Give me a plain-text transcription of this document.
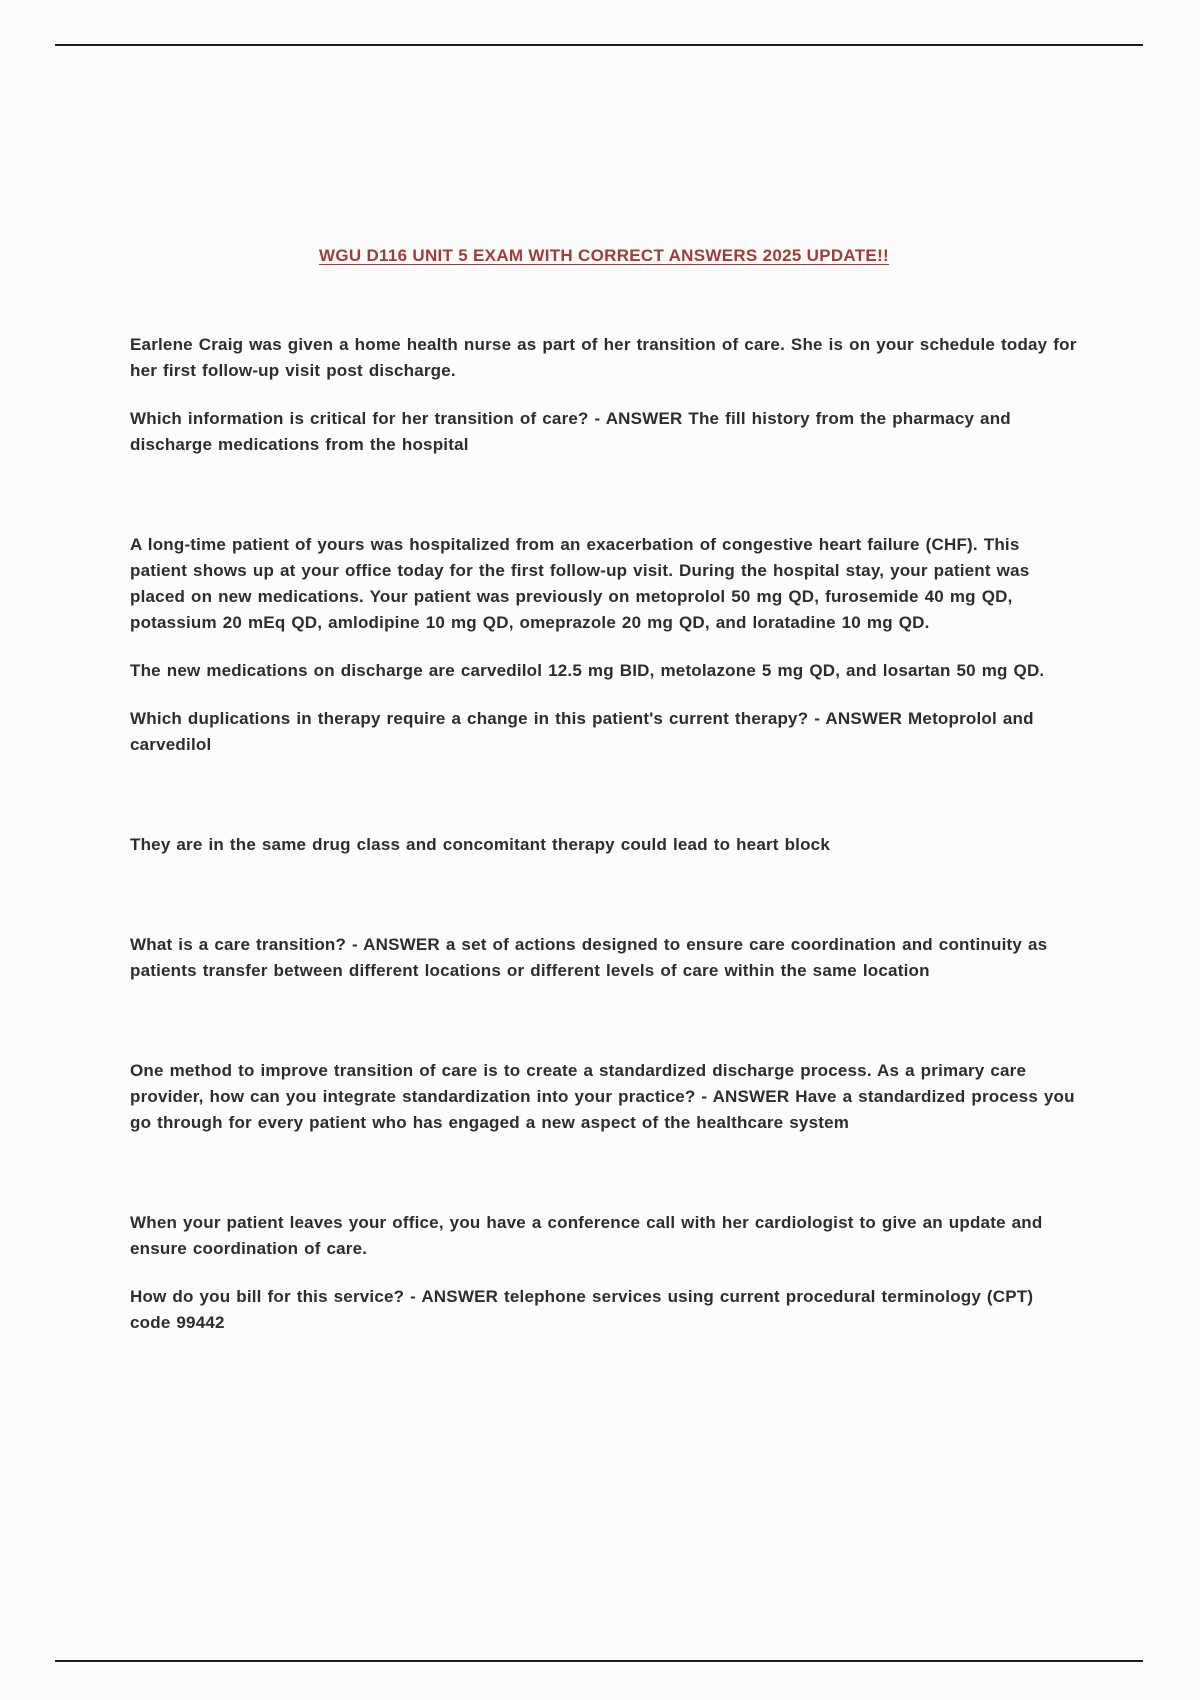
WGU D116 UNIT 5 EXAM WITH CORRECT ANSWERS 2025 UPDATE!!

Earlene Craig was given a home health nurse as part of her transition of care. She is on your schedule today for her first follow-up visit post discharge.

Which information is critical for her transition of care? - ANSWER The fill history from the pharmacy and discharge medications from the hospital

A long-time patient of yours was hospitalized from an exacerbation of congestive heart failure (CHF). This patient shows up at your office today for the first follow-up visit. During the hospital stay, your patient was placed on new medications. Your patient was previously on metoprolol 50 mg QD, furosemide 40 mg QD, potassium 20 mEq QD, amlodipine 10 mg QD, omeprazole 20 mg QD, and loratadine 10 mg QD.

The new medications on discharge are carvedilol 12.5 mg BID, metolazone 5 mg QD, and losartan 50 mg QD.

Which duplications in therapy require a change in this patient's current therapy? - ANSWER Metoprolol and carvedilol

They are in the same drug class and concomitant therapy could lead to heart block

What is a care transition? - ANSWER a set of actions designed to ensure care coordination and continuity as patients transfer between different locations or different levels of care within the same location

One method to improve transition of care is to create a standardized discharge process. As a primary care provider, how can you integrate standardization into your practice? - ANSWER Have a standardized process you go through for every patient who has engaged a new aspect of the healthcare system

When your patient leaves your office, you have a conference call with her cardiologist to give an update and ensure coordination of care.

How do you bill for this service? - ANSWER telephone services using current procedural terminology (CPT) code 99442
